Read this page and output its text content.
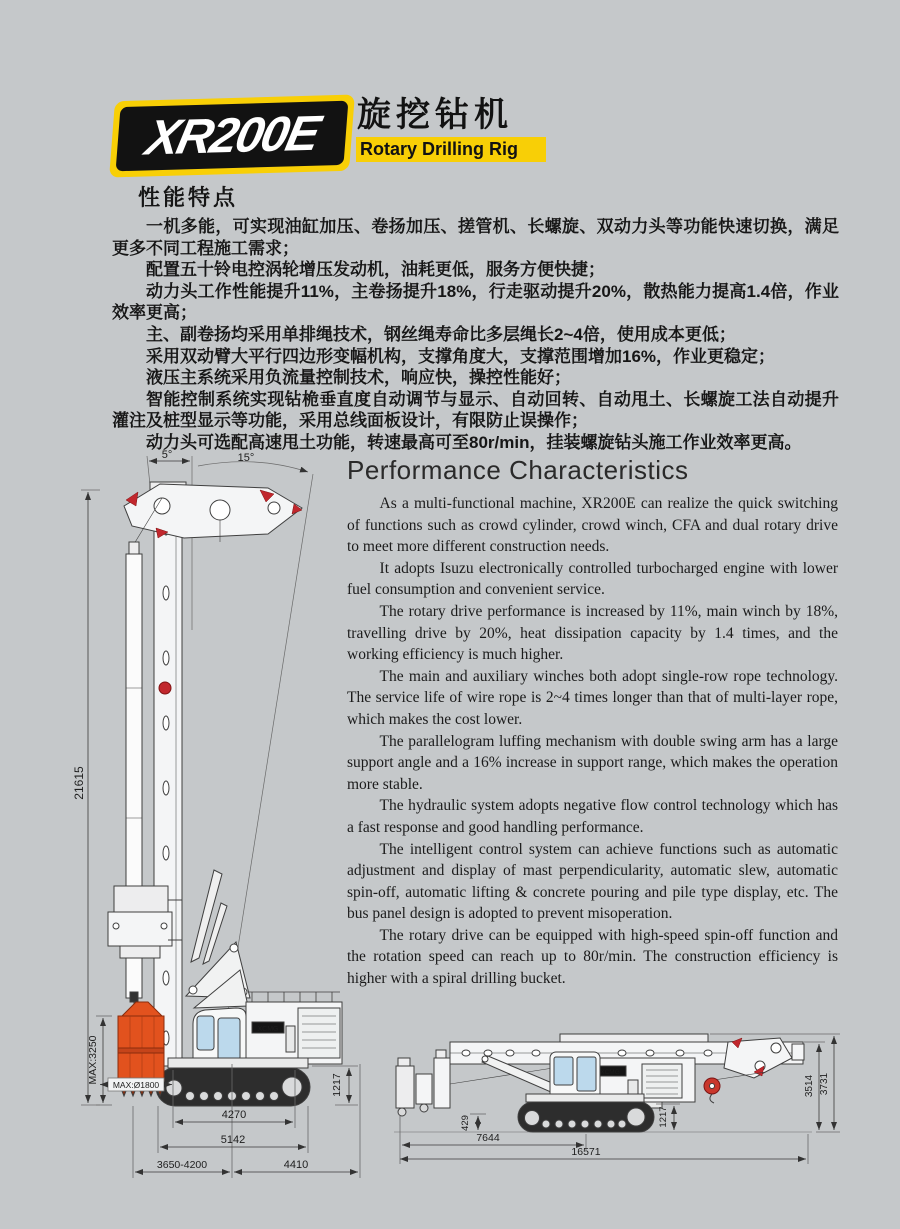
XR200E 旋挖钻机
Rotary Drilling Rig
性能特点

一机多能，可实现油缸加压、卷扬加压、搓管机、长螺旋、双动力头等功能快速切换，满足更多不同工程施工需求；

配置五十铃电控涡轮增压发动机，油耗更低，服务方便快捷；

动力头工作性能提升11%，主卷扬提升18%，行走驱动提升20%，散热能力提高1.4倍，作业效率更高；

主、副卷扬均采用单排绳技术，钢丝绳寿命比多层绳长2~4倍，使用成本更低；

采用双动臂大平行四边形变幅机构，支撑角度大，支撑范围增加16%，作业更稳定；

液压主系统采用负流量控制技术，响应快，操控性能好；

智能控制系统实现钻桅垂直度自动调节与显示、自动回转、自动甩土、长螺旋工法自动提升灌注及桩型显示等功能，采用总线面板设计，有限防止误操作；

动力头可选配高速甩土功能，转速最高可至80r/min，挂装螺旋钻头施工作业效率更高。

Performance Characteristics

As a multi-functional machine, XR200E can realize the quick switching of functions such as crowd cylinder, crowd winch, CFA and dual rotary drive to meet more different construction needs.

It adopts Isuzu electronically controlled turbocharged engine with lower fuel consumption and convenient service.

The rotary drive performance is increased by 11%, main winch by 18%, travelling drive by 20%, heat dissipation capacity by 1.4 times, and the working efficiency is much higher.

The main and auxiliary winches both adopt single-row rope technology. The service life of wire rope is 2~4 times longer than that of multi-layer rope, which makes the cost lower.

The parallelogram luffing mechanism with double swing arm has a large support angle and a 16% increase in support range, which makes the operation more stable.

The hydraulic system adopts negative flow control technology which has a fast response and good handling performance.

The intelligent control system can achieve functions such as automatic adjustment and display of mast perpendicularity, automatic slew, automatic spin-off, automatic lifting & concrete pouring and pile type display, etc. The bus panel design is adopted to prevent misoperation.

The rotary drive can be equipped with high-speed spin-off function and the rotation speed can reach up to 80r/min. The construction efficiency is higher with a spiral drilling bucket.

5°	15°
21615
MAX:3250
MAX:Ø1800	1217
4270
5142
3650-4200	4410
XCMG
429
7644
16571
1217
3514 3731
XCMG
